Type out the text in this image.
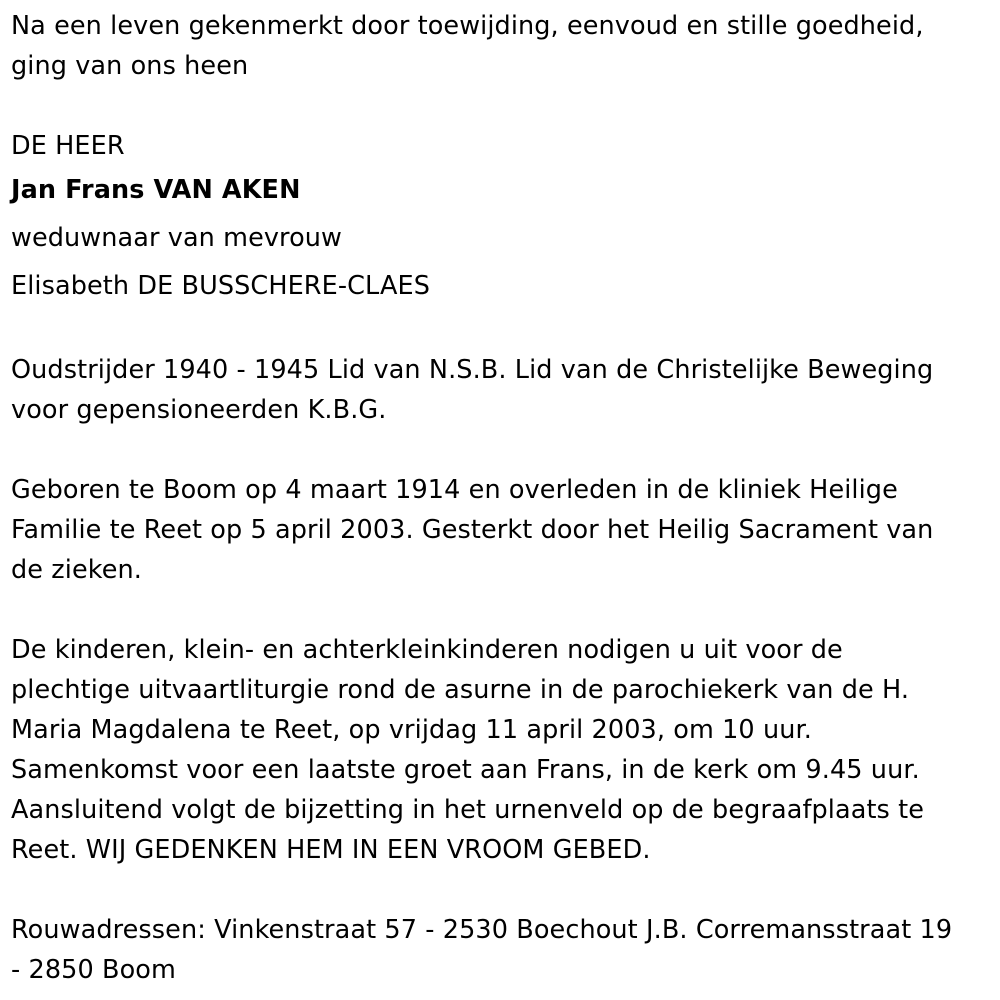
Na een leven gekenmerkt door toewijding, eenvoud en stille goedheid,
ging van ons heen

DE HEER
Jan Frans VAN AKEN
weduwnaar van mevrouw
Elisabeth DE BUSSCHERE-CLAES

Oudstrijder 1940 - 1945 Lid van N.S.B. Lid van de Christelijke Beweging
voor gepensioneerden K.B.G.

Geboren te Boom op 4 maart 1914 en overleden in de kliniek Heilige
Familie te Reet op 5 april 2003. Gesterkt door het Heilig Sacrament van
de zieken.

De kinderen, klein- en achterkleinkinderen nodigen u uit voor de
plechtige uitvaartliturgie rond de asurne in de parochiekerk van de H.
Maria Magdalena te Reet, op vrijdag 11 april 2003, om 10 uur.
Samenkomst voor een laatste groet aan Frans, in de kerk om 9.45 uur.
Aansluitend volgt de bijzetting in het urnenveld op de begraafplaats te
Reet. WIJ GEDENKEN HEM IN EEN VROOM GEBED.

Rouwadressen: Vinkenstraat 57 - 2530 Boechout J.B. Corremansstraat 19
- 2850 Boom
